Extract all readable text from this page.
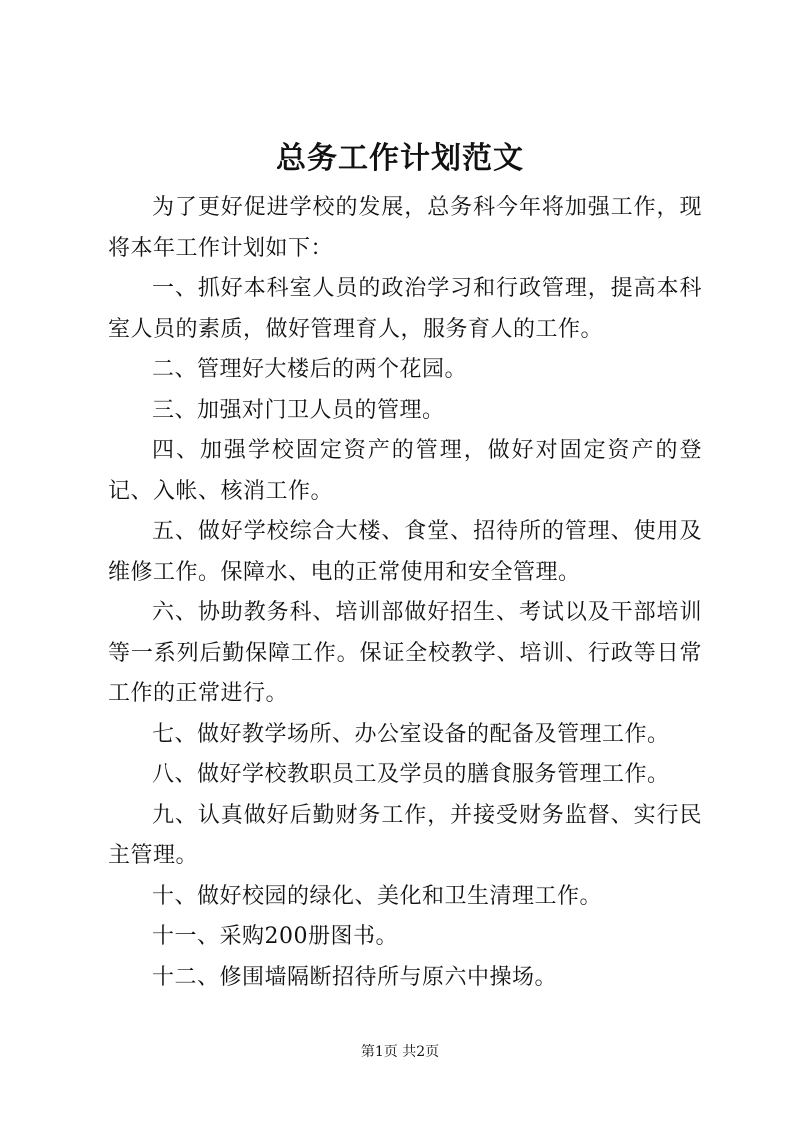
总务工作计划范文

为了更好促进学校的发展，总务科今年将加强工作，现将本年工作计划如下：

一、抓好本科室人员的政治学习和行政管理，提高本科室人员的素质，做好管理育人，服务育人的工作。

二、管理好大楼后的两个花园。

三、加强对门卫人员的管理。

四、加强学校固定资产的管理，做好对固定资产的登记、入帐、核消工作。

五、做好学校综合大楼、食堂、招待所的管理、使用及维修工作。保障水、电的正常使用和安全管理。

六、协助教务科、培训部做好招生、考试以及干部培训等一系列后勤保障工作。保证全校教学、培训、行政等日常工作的正常进行。

七、做好教学场所、办公室设备的配备及管理工作。

八、做好学校教职员工及学员的膳食服务管理工作。

九、认真做好后勤财务工作，并接受财务监督、实行民主管理。

十、做好校园的绿化、美化和卫生清理工作。

十一、采购200册图书。

十二、修围墙隔断招待所与原六中操场。

第1页 共2页
